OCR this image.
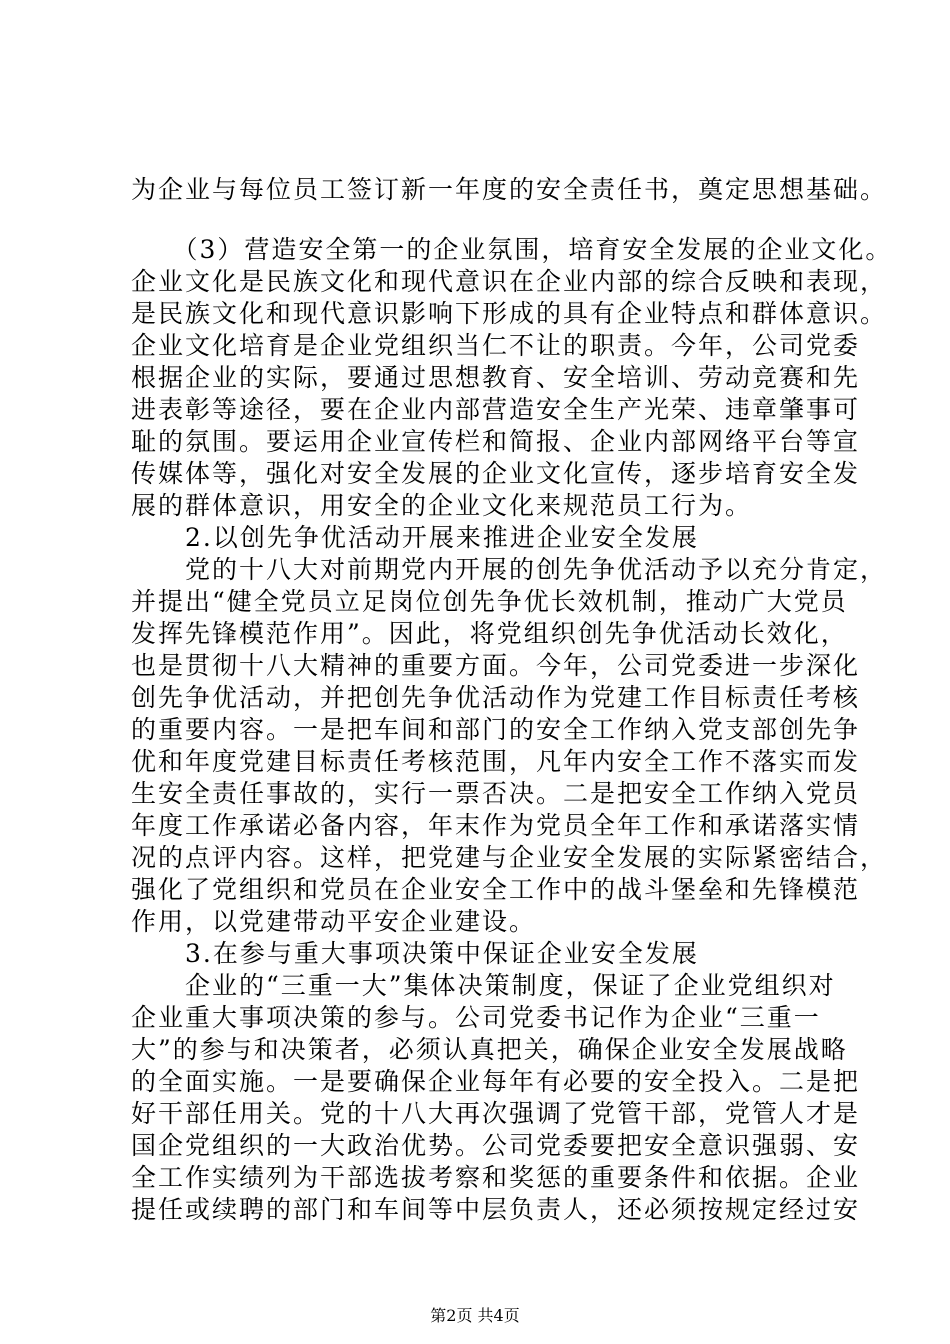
为企业与每位员工签订新一年度的安全责任书，奠定思想基础。
　　（3）营造安全第一的企业氛围，培育安全发展的企业文化。
企业文化是民族文化和现代意识在企业内部的综合反映和表现，
是民族文化和现代意识影响下形成的具有企业特点和群体意识。
企业文化培育是企业党组织当仁不让的职责。今年，公司党委
根据企业的实际，要通过思想教育、安全培训、劳动竞赛和先
进表彰等途径，要在企业内部营造安全生产光荣、违章肇事可
耻的氛围。要运用企业宣传栏和简报、企业内部网络平台等宣
传媒体等，强化对安全发展的企业文化宣传，逐步培育安全发
展的群体意识，用安全的企业文化来规范员工行为。
　　2.以创先争优活动开展来推进企业安全发展
　　党的十八大对前期党内开展的创先争优活动予以充分肯定，
并提出“健全党员立足岗位创先争优长效机制，推动广大党员
发挥先锋模范作用”。因此，将党组织创先争优活动长效化，
也是贯彻十八大精神的重要方面。今年，公司党委进一步深化
创先争优活动，并把创先争优活动作为党建工作目标责任考核
的重要内容。一是把车间和部门的安全工作纳入党支部创先争
优和年度党建目标责任考核范围，凡年内安全工作不落实而发
生安全责任事故的，实行一票否决。二是把安全工作纳入党员
年度工作承诺必备内容，年末作为党员全年工作和承诺落实情
况的点评内容。这样，把党建与企业安全发展的实际紧密结合，
强化了党组织和党员在企业安全工作中的战斗堡垒和先锋模范
作用，以党建带动平安企业建设。
　　3.在参与重大事项决策中保证企业安全发展
　　企业的“三重一大”集体决策制度，保证了企业党组织对
企业重大事项决策的参与。公司党委书记作为企业“三重一
大”的参与和决策者，必须认真把关，确保企业安全发展战略
的全面实施。一是要确保企业每年有必要的安全投入。二是把
好干部任用关。党的十八大再次强调了党管干部，党管人才是
国企党组织的一大政治优势。公司党委要把安全意识强弱、安
全工作实绩列为干部选拔考察和奖惩的重要条件和依据。企业
提任或续聘的部门和车间等中层负责人，还必须按规定经过安
第2页 共4页
